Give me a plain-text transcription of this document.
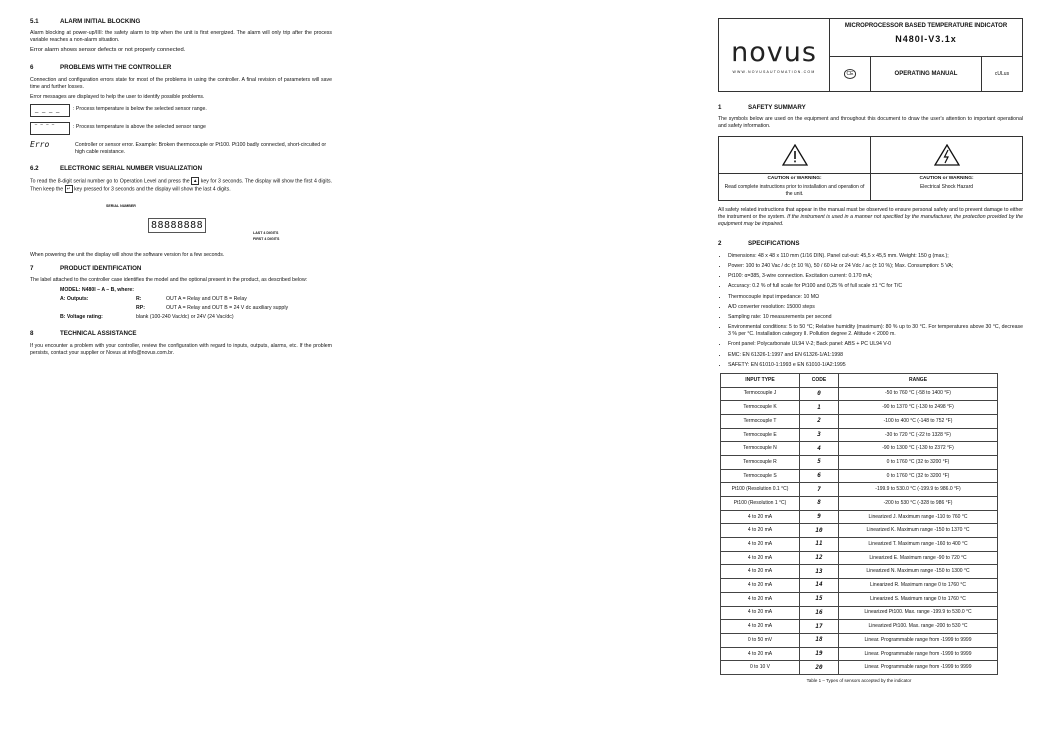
5.1	ALARM INITIAL BLOCKING

Alarm blocking at power-up/ІІІІ: the safety alarm to trip when the unit is first energized. The alarm will only trip after the process variable reaches a non-alarm situation.

Error alarm shows sensor defects or not properly connected.

6	PROBLEMS WITH THE CONTROLLER

Connection and configuration errors state for most of the problems in using the controller. A final revision of parameters will save time and further losses.

Error messages are displayed to help the user to identify possible problems.

_ _ _ _
: Process temperature is below the selected sensor range.
‾ ‾ ‾ ‾
: Process temperature is above the selected sensor range
Erro	Controller or sensor error. Example: Broken thermocouple or Pt100. Pt100 badly connected, short-circuited or high cable resistance.
6.2	ELECTRONIC SERIAL NUMBER VISUALIZATION

To read the 8-digit serial number go to Operation Level and press the ▲ key for 3 seconds. The display will show the first 4 digits. Then keep the ↵ key pressed for 3 seconds and the display will show the last 4 digits.

SERIAL NUMBER
88888888
LAST 4 DIGITS
FIRST 4 DIGITS

When powering the unit the display will show the software version for a few seconds.

7	PRODUCT IDENTIFICATION

The label attached to the controller case identifies the model and the optional present in the product, as described below:

MODEL: N480I – A – B, where:
A: Outputs:	R:	OUT A = Relay and OUT B = Relay
RP:	OUT A = Relay and OUT B = 24 V dc auxiliary supply
B: Voltage rating:	blank (100-240 Vac/dc) or 24V (24 Vac/dc)
8	TECHNICAL ASSISTANCE

If you encounter a problem with your controller, review the configuration with regard to inputs, outputs, alarms, etc. If the problem persists, contact your supplier or Novus at info@novus.com.br.

novus
WWW.NOVUSAUTOMATION.COM
MICROPROCESSOR BASED TEMPERATURE INDICATOR
N480I-V3.1x
CE	OPERATING MANUAL	cULus
1	SAFETY SUMMARY

The symbols below are used on the equipment and throughout this document to draw the user's attention to important operational and safety information.

CAUTION or WARNING:
Read complete instructions prior to installation and operation of the unit.
CAUTION or WARNING:
Electrical Shock Hazard

All safety related instructions that appear in the manual must be observed to ensure personal safety and to prevent damage to either the instrument or the system. If the instrument is used in a manner not specified by the manufacturer, the protection provided by the equipment may be impaired.

2	SPECIFICATIONS
• Dimensions: 48 x 48 x 110 mm (1/16 DIN). Panel cut-out: 45,5 x 45,5 mm. Weight: 150 g (max.);
• Power: 100 to 240 Vac / dc (± 10 %), 50 / 60 Hz or 24 Vdc / ac (± 10 %); Max. Consumption: 5 VA;
• Pt100: α=385, 3-wire connection. Excitation current: 0.170 mA;
• Accuracy: 0.2 % of full scale for Pt100 and 0,25 % of full scale ±1 °C for T/C
• Thermocouple input impedance: 10 MΩ
• A/D converter resolution: 15000 steps
• Sampling rate: 10 measurements per second
• Environmental conditions: 5 to 50 °C; Relative humidity (maximum): 80 % up to 30 °C. For temperatures above 30 °C, decrease 3 % per °C. Installation category II. Pollution degree 2. Altitude < 2000 m.
• Front panel: Polycarbonate UL94 V-2; Back panel: ABS + PC UL94 V-0
• EMC: EN 61326-1:1997 and EN 61326-1/A1:1998
• SAFETY: EN 61010-1:1993 e EN 61010-1/A2:1995
INPUT TYPE	CODE	RANGE
Termocouple J	0	-50 to 760 °C (-58 to 1400 °F)
Termocouple K	1	-90 to 1370 °C (-130 to 2498 °F)
Termocouple T	2	-100 to 400 °C (-148 to 752 °F)
Termocouple E	3	-30 to 720 °C (-22 to 1328 °F)
Termocouple N	4	-90 to 1300 °C (-130 to 2372 °F)
Termocouple R	5	0 to 1760 °C (32 to 3200 °F)
Termocouple S	6	0 to 1760 °C (32 to 3200 °F)
Pt100 (Resolution 0.1 °C)	7	-199.9 to 530.0 °C (-199.9 to 986.0 °F)
Pt100 (Resolution 1 °C)	8	-200 to 530 °C (-328 to 986 °F)
4 to 20 mA	9	Linearized J. Maximum range -110 to 760 °C
4 to 20 mA	10	Linearized K. Maximum range -150 to 1370 °C
4 to 20 mA	11	Linearized T. Maximum range -160 to 400 °C
4 to 20 mA	12	Linearized E. Maximum range -90 to 720 °C
4 to 20 mA	13	Linearized N. Maximum range -150 to 1300 °C
4 to 20 mA	14	Linearized R. Maximum range 0 to 1760 °C
4 to 20 mA	15	Linearized S. Maximum range 0 to 1760 °C
4 to 20 mA	16	Linearized Pt100. Max. range -199.9 to 530.0 °C
4 to 20 mA	17	Linearized Pt100. Max. range -200 to 530 °C
0 to 50 mV	18	Linear. Programmable range from -1999 to 9999
4 to 20 mA	19	Linear. Programmable range from -1999 to 9999
0 to 10 V	20	Linear. Programmable range from -1999 to 9999
Table 1 – Types of sensors accepted by the indicator
